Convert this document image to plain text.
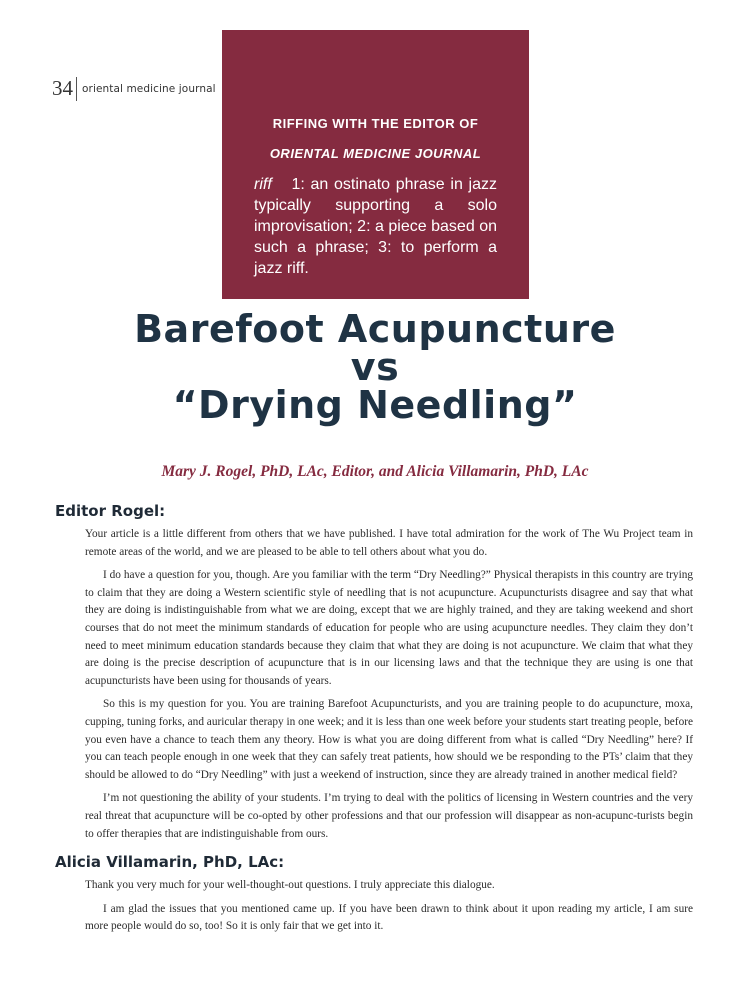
34 oriental medicine journal
RIFFING WITH THE EDITOR OF
ORIENTAL MEDICINE JOURNAL
riff 1: an ostinato phrase in jazz typically supporting a solo improvisation; 2: a piece based on such a phrase; 3: to perform a jazz riff.
Barefoot Acupuncture
vs
“Drying Needling”
Mary J. Rogel, PhD, LAc, Editor, and Alicia Villamarin, PhD, LAc
Editor Rogel:

Your article is a little different from others that we have published. I have total admiration for the work of The Wu Project team in remote areas of the world, and we are pleased to be able to tell others about what you do.

I do have a question for you, though. Are you familiar with the term “Dry Needling?” Physical therapists in this country are trying to claim that they are doing a Western scientific style of needling that is not acupuncture. Acupuncturists disagree and say that what they are doing is indistinguishable from what we are doing, except that we are highly trained, and they are taking weekend and short courses that do not meet the minimum standards of education for people who are using acupuncture needles. They claim they don’t need to meet minimum education standards because they claim that what they are doing is not acupuncture. We claim that what they are doing is the precise description of acupuncture that is in our licensing laws and that the technique they are using is one that acupuncturists have been using for thousands of years.

So this is my question for you. You are training Barefoot Acupuncturists, and you are training people to do acupuncture, moxa, cupping, tuning forks, and auricular therapy in one week; and it is less than one week before your students start treating people, before you even have a chance to teach them any theory. How is what you are doing different from what is called “Dry Needling” here? If you can teach people enough in one week that they can safely treat patients, how should we be responding to the PTs’ claim that they should be allowed to do “Dry Needling” with just a weekend of instruction, since they are already trained in another medical field?

I’m not questioning the ability of your students. I’m trying to deal with the politics of licensing in Western countries and the very real threat that acupuncture will be co-opted by other professions and that our profession will disappear as non-acupunc-turists begin to offer therapies that are indistinguishable from ours.

Alicia Villamarin, PhD, LAc:

Thank you very much for your well-thought-out questions. I truly appreciate this dialogue.

I am glad the issues that you mentioned came up. If you have been drawn to think about it upon reading my article, I am sure more people would do so, too! So it is only fair that we get into it.
